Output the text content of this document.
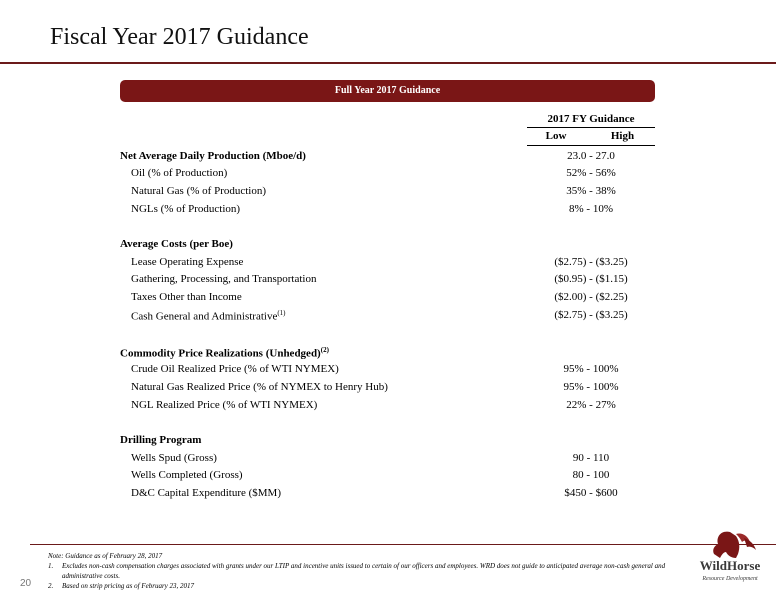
Fiscal Year 2017 Guidance
Full Year 2017 Guidance
2017 FY Guidance
Low	High
Net Average Daily Production (Mboe/d)	23.0 - 27.0
Oil (% of Production)	52% - 56%
Natural Gas (% of Production)	35% - 38%
NGLs (% of Production)	8% - 10%
Average Costs (per Boe)
Lease Operating Expense	($2.75) - ($3.25)
Gathering, Processing, and Transportation	($0.95) - ($1.15)
Taxes Other than Income	($2.00) - ($2.25)
Cash General and Administrative$^{(1)}$	($2.75) - ($3.25)
Commodity Price Realizations (Unhedged)$^{(2)}$
Crude Oil Realized Price (% of WTI NYMEX)	95% - 100%
Natural Gas Realized Price (% of NYMEX to Henry Hub)	95% - 100%
NGL Realized Price (% of WTI NYMEX)	22% - 27%
Drilling Program
Wells Spud (Gross)	90 - 110
Wells Completed (Gross)	80 - 100
D&C Capital Expenditure ($MM)	$450 - $600
Note: Guidance as of February 28, 2017
1.	Excludes non-cash compensation charges associated with grants under our LTIP and incentive units issued to certain of our officers and employees. WRD does not guide to anticipated average non-cash general and administrative costs.
2.	Based on strip pricing as of February 23, 2017
20
WildHorse
Resource Development
